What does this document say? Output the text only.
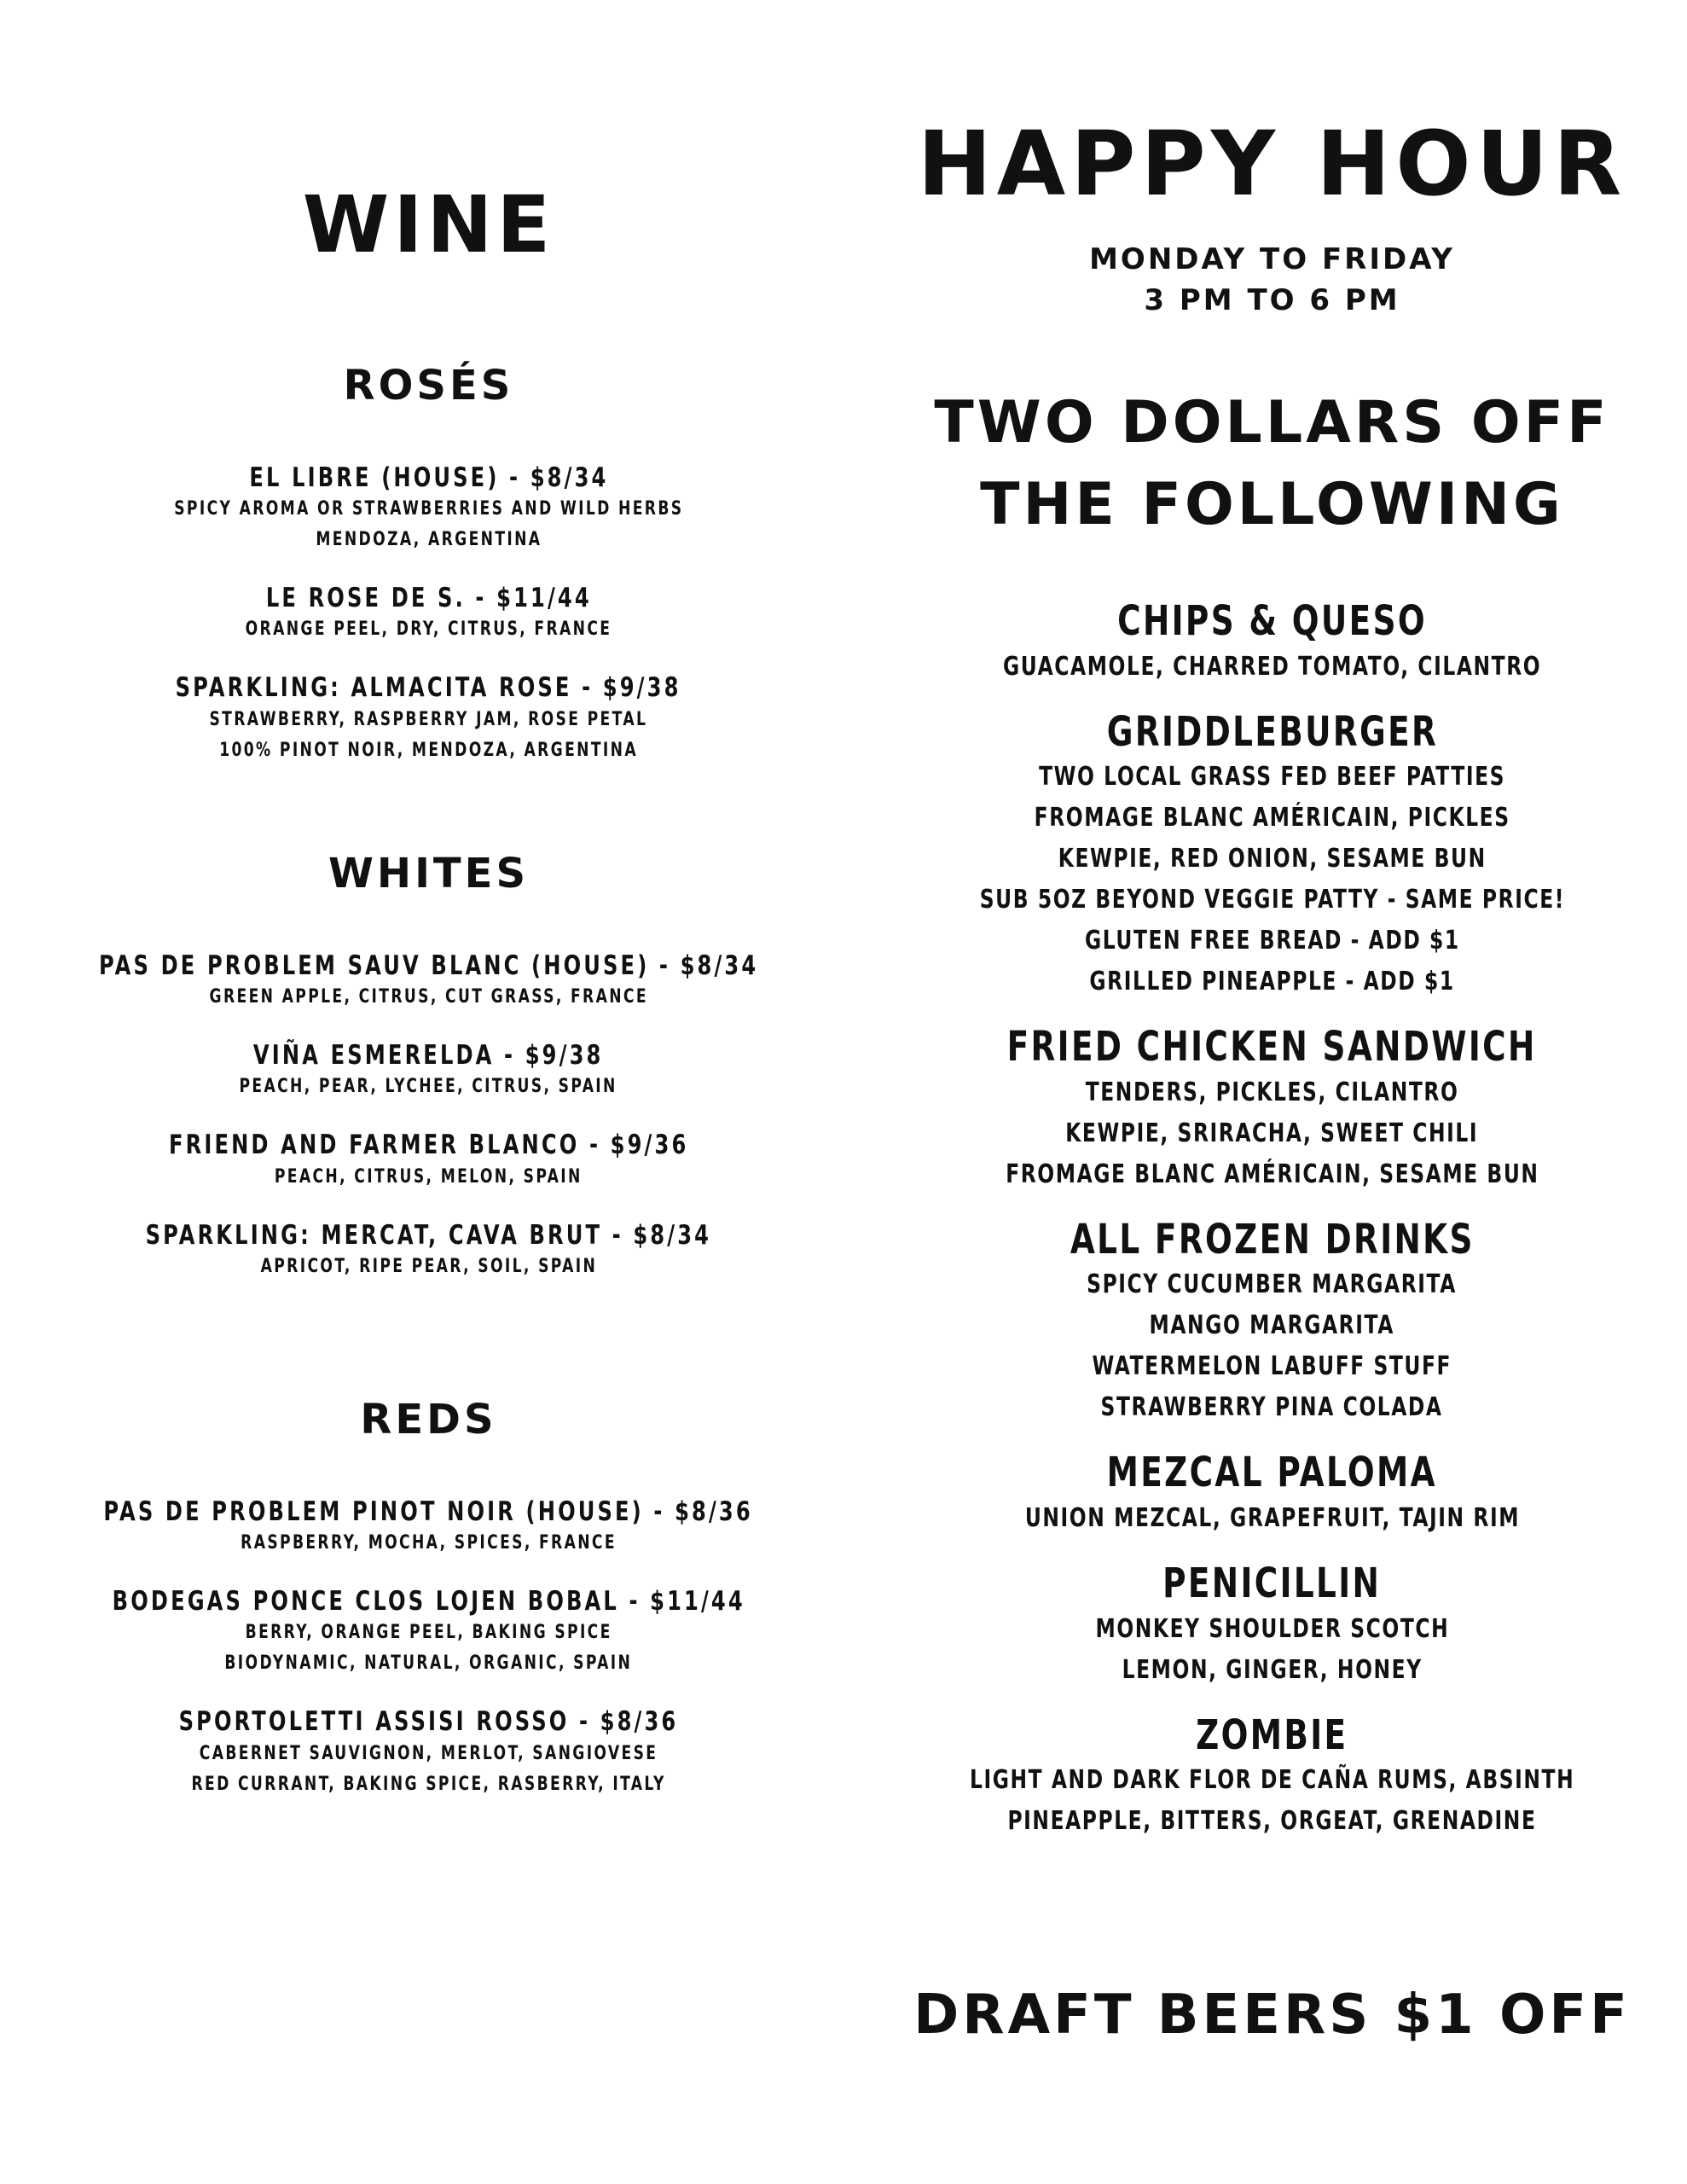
WINE
ROSÉS
EL LIBRE (HOUSE) - $8/34
SPICY AROMA OR STRAWBERRIES AND WILD HERBS
MENDOZA, ARGENTINA
LE ROSE DE S. - $11/44
ORANGE PEEL, DRY, CITRUS, FRANCE
SPARKLING: ALMACITA ROSE - $9/38
STRAWBERRY, RASPBERRY JAM, ROSE PETAL
100% PINOT NOIR, MENDOZA, ARGENTINA
WHITES
PAS DE PROBLEM SAUV BLANC (HOUSE) - $8/34
GREEN APPLE, CITRUS, CUT GRASS, FRANCE
VIÑA ESMERELDA - $9/38
PEACH, PEAR, LYCHEE, CITRUS, SPAIN
FRIEND AND FARMER BLANCO - $9/36
PEACH, CITRUS, MELON, SPAIN
SPARKLING: MERCAT, CAVA BRUT - $8/34
APRICOT, RIPE PEAR, SOIL, SPAIN
REDS
PAS DE PROBLEM PINOT NOIR (HOUSE) - $8/36
RASPBERRY, MOCHA, SPICES, FRANCE
BODEGAS PONCE CLOS LOJEN BOBAL - $11/44
BERRY, ORANGE PEEL, BAKING SPICE
BIODYNAMIC, NATURAL, ORGANIC, SPAIN
SPORTOLETTI ASSISI ROSSO - $8/36
CABERNET SAUVIGNON, MERLOT, SANGIOVESE
RED CURRANT, BAKING SPICE, RASBERRY, ITALY
HAPPY HOUR
MONDAY TO FRIDAY
3 PM TO 6 PM
TWO DOLLARS OFF
THE FOLLOWING
CHIPS & QUESO
GUACAMOLE, CHARRED TOMATO, CILANTRO
GRIDDLEBURGER
TWO LOCAL GRASS FED BEEF PATTIES
FROMAGE BLANC AMÉRICAIN, PICKLES
KEWPIE, RED ONION, SESAME BUN
SUB 5OZ BEYOND VEGGIE PATTY - SAME PRICE!
GLUTEN FREE BREAD - ADD $1
GRILLED PINEAPPLE - ADD $1
FRIED CHICKEN SANDWICH
TENDERS, PICKLES, CILANTRO
KEWPIE, SRIRACHA, SWEET CHILI
FROMAGE BLANC AMÉRICAIN, SESAME BUN
ALL FROZEN DRINKS
SPICY CUCUMBER MARGARITA
MANGO MARGARITA
WATERMELON LABUFF STUFF
STRAWBERRY PINA COLADA
MEZCAL PALOMA
UNION MEZCAL, GRAPEFRUIT, TAJIN RIM
PENICILLIN
MONKEY SHOULDER SCOTCH
LEMON, GINGER, HONEY
ZOMBIE
LIGHT AND DARK FLOR DE CAÑA RUMS, ABSINTH
PINEAPPLE, BITTERS, ORGEAT, GRENADINE
DRAFT BEERS $1 OFF
